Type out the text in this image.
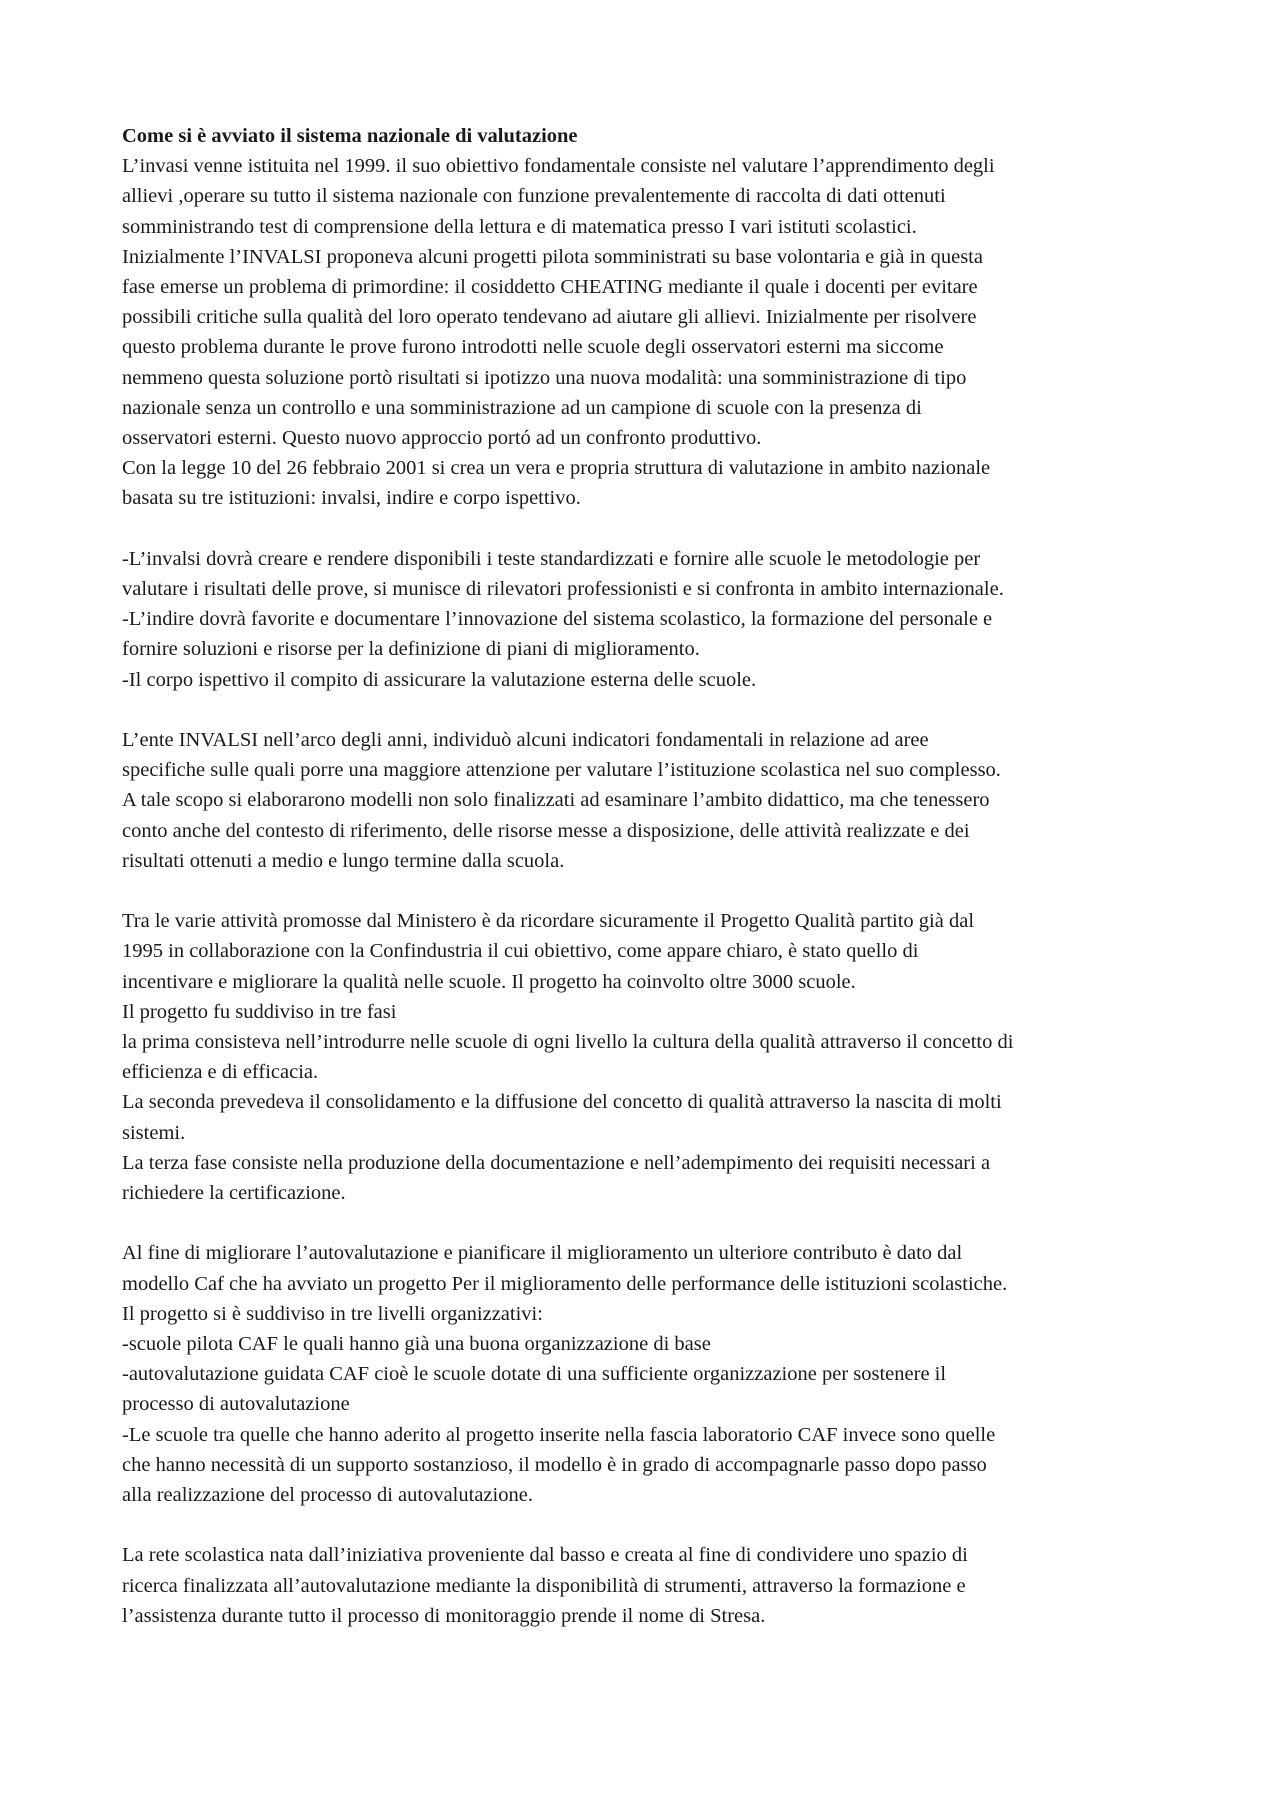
Come si è avviato il sistema nazionale di valutazione
L’invasi venne istituita nel 1999. il suo obiettivo fondamentale consiste nel valutare l’apprendimento degli
allievi ,operare su tutto il sistema nazionale con funzione prevalentemente di raccolta di dati ottenuti
somministrando test di comprensione della lettura e di matematica presso I vari istituti scolastici.
Inizialmente l’INVALSI proponeva alcuni progetti pilota somministrati su base volontaria e già in questa
fase emerse un problema di primordine: il cosiddetto CHEATING mediante il quale i docenti per evitare
possibili critiche sulla qualità del loro operato tendevano ad aiutare gli allievi. Inizialmente per risolvere
questo problema durante le prove furono introdotti nelle scuole degli osservatori esterni ma siccome
nemmeno questa soluzione portò risultati si ipotizzo una nuova modalità: una somministrazione di tipo
nazionale senza un controllo e una somministrazione ad un campione di scuole con la presenza di
osservatori esterni. Questo nuovo approccio portó ad un confronto produttivo.
Con la legge 10 del 26 febbraio 2001 si crea un vera e propria struttura di valutazione in ambito nazionale
basata su tre istituzioni: invalsi, indire e corpo ispettivo.
-L’invalsi dovrà creare e rendere disponibili i teste standardizzati e fornire alle scuole le metodologie per
valutare i risultati delle prove, si munisce di rilevatori professionisti e si confronta in ambito internazionale.
-L’indire dovrà favorite e documentare l’innovazione del sistema scolastico, la formazione del personale e
fornire soluzioni e risorse per la definizione di piani di miglioramento.
-Il corpo ispettivo il compito di assicurare la valutazione esterna delle scuole.
L’ente INVALSI nell’arco degli anni, individuò alcuni indicatori fondamentali in relazione ad aree
specifiche sulle quali porre una maggiore attenzione per valutare l’istituzione scolastica nel suo complesso.
A tale scopo si elaborarono modelli non solo finalizzati ad esaminare l’ambito didattico, ma che tenessero
conto anche del contesto di riferimento, delle risorse messe a disposizione, delle attività realizzate e dei
risultati ottenuti a medio e lungo termine dalla scuola.
Tra le varie attività promosse dal Ministero è da ricordare sicuramente il Progetto Qualità partito già dal
1995 in collaborazione con la Confindustria il cui obiettivo, come appare chiaro, è stato quello di
incentivare e migliorare la qualità nelle scuole. Il progetto ha coinvolto oltre 3000 scuole.
Il progetto fu suddiviso in tre fasi
la prima consisteva nell’introdurre nelle scuole di ogni livello la cultura della qualità attraverso il concetto di
efficienza e di efficacia.
La seconda prevedeva il consolidamento e la diffusione del concetto di qualità attraverso la nascita di molti
sistemi.
La terza fase consiste nella produzione della documentazione e nell’adempimento dei requisiti necessari a
richiedere la certificazione.
Al fine di migliorare l’autovalutazione e pianificare il miglioramento un ulteriore contributo è dato dal
modello Caf che ha avviato un progetto Per il miglioramento delle performance delle istituzioni scolastiche.
Il progetto si è suddiviso in tre livelli organizzativi:
-scuole pilota CAF le quali hanno già una buona organizzazione di base
-autovalutazione guidata CAF cioè le scuole dotate di una sufficiente organizzazione per sostenere il
processo di autovalutazione
-Le scuole tra quelle che hanno aderito al progetto inserite nella fascia laboratorio CAF invece sono quelle
che hanno necessità di un supporto sostanzioso, il modello è in grado di accompagnarle passo dopo passo
alla realizzazione del processo di autovalutazione.
La rete scolastica nata dall’iniziativa proveniente dal basso e creata al fine di condividere uno spazio di
ricerca finalizzata all’autovalutazione mediante la disponibilità di strumenti, attraverso la formazione e
l’assistenza durante tutto il processo di monitoraggio prende il nome di Stresa.
